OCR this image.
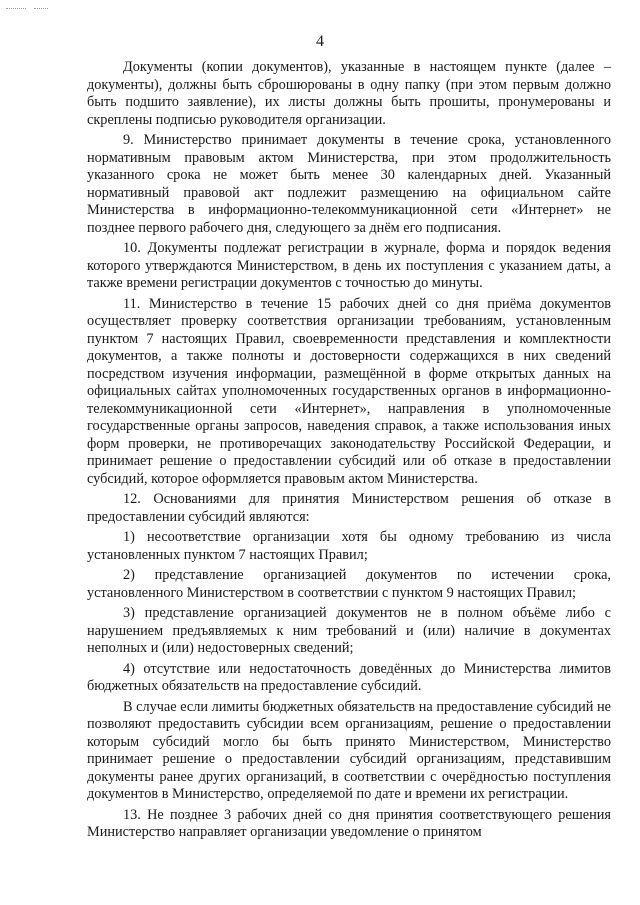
4

Документы (копии документов), указанные в настоящем пункте (далее – документы), должны быть сброшюрованы в одну папку (при этом первым должно быть подшито заявление), их листы должны быть прошиты, пронумерованы и скреплены подписью руководителя организации.

9. Министерство принимает документы в течение срока, установленного нормативным правовым актом Министерства, при этом продолжительность указанного срока не может быть менее 30 календарных дней. Указанный нормативный правовой акт подлежит размещению на официальном сайте Министерства в информационно-телекоммуникационной сети «Интернет» не позднее первого рабочего дня, следующего за днём его подписания.

10. Документы подлежат регистрации в журнале, форма и порядок ведения которого утверждаются Министерством, в день их поступления с указанием даты, а также времени регистрации документов с точностью до минуты.

11. Министерство в течение 15 рабочих дней со дня приёма документов осуществляет проверку соответствия организации требованиям, установленным пунктом 7 настоящих Правил, своевременности представления и комплектности документов, а также полноты и достоверности содержащихся в них сведений посредством изучения информации, размещённой в форме открытых данных на официальных сайтах уполномоченных государственных органов в информационно-телекоммуникационной сети «Интернет», направления в уполномоченные государственные органы запросов, наведения справок, а также использования иных форм проверки, не противоречащих законодательству Российской Федерации, и принимает решение о предоставлении субсидий или об отказе в предоставлении субсидий, которое оформляется правовым актом Министерства.

12. Основаниями для принятия Министерством решения об отказе в предоставлении субсидий являются:

1) несоответствие организации хотя бы одному требованию из числа установленных пунктом 7 настоящих Правил;

2) представление организацией документов по истечении срока, установленного Министерством в соответствии с пунктом 9 настоящих Правил;

3) представление организацией документов не в полном объёме либо с нарушением предъявляемых к ним требований и (или) наличие в документах неполных и (или) недостоверных сведений;

4) отсутствие или недостаточность доведённых до Министерства лимитов бюджетных обязательств на предоставление субсидий.

В случае если лимиты бюджетных обязательств на предоставление субсидий не позволяют предоставить субсидии всем организациям, решение о предоставлении которым субсидий могло бы быть принято Министерством, Министерство принимает решение о предоставлении субсидий организациям, представившим документы ранее других организаций, в соответствии с очерёдностью поступления документов в Министерство, определяемой по дате и времени их регистрации.

13. Не позднее 3 рабочих дней со дня принятия соответствующего решения Министерство направляет организации уведомление о принятом
